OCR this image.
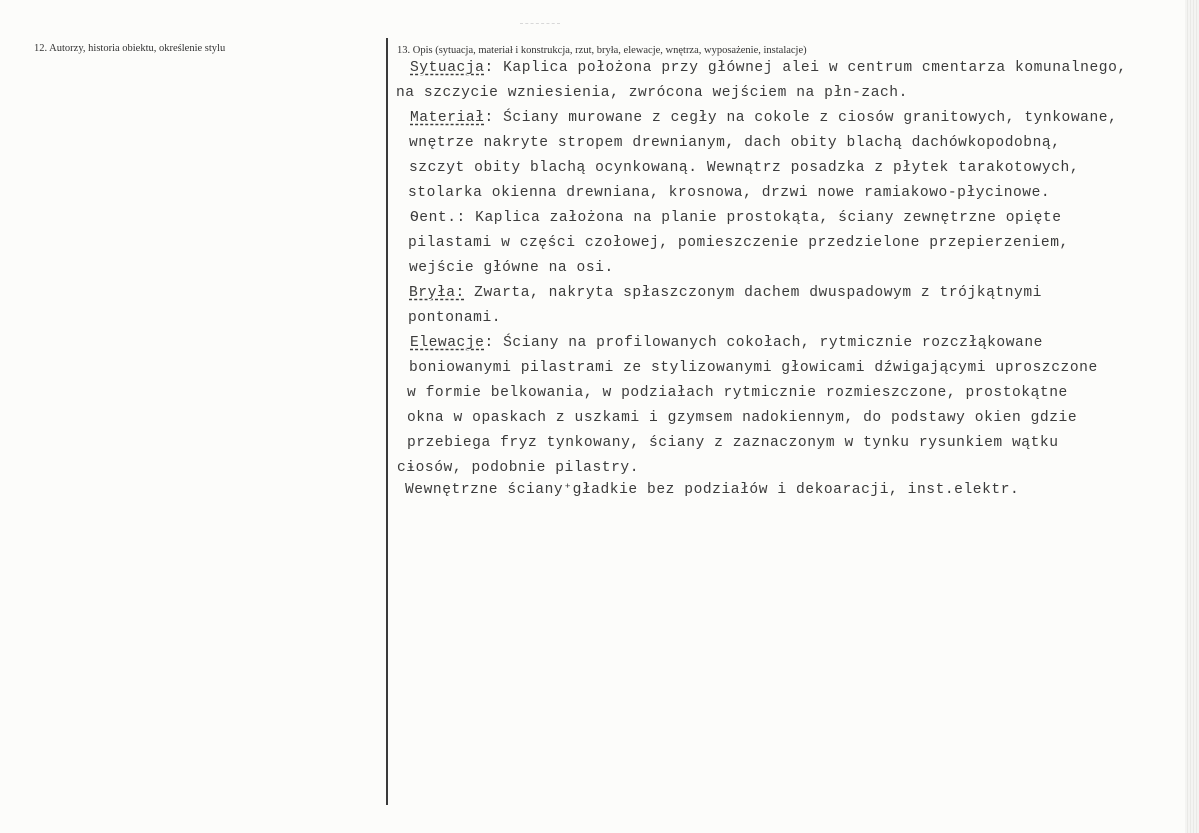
12. Autorzy, historia obiektu, określenie stylu	13. Opis (sytuacja, materiał i konstrukcja, rzut, bryła, elewacje, wnętrza, wyposażenie, instalacje)
Sytuacja: Kaplica położona przy głównej alei w centrum cmentarza komunalnego,
na szczycie wzniesienia, zwrócona wejściem na płn-zach.
Materiał: Ściany murowane z cegły na cokole z ciosów granitowych, tynkowane,
wnętrze nakryte stropem drewnianym, dach obity blachą dachówkopodobną,
szczyt obity blachą ocynkowaną. Wewnątrz posadzka z płytek tarakotowych,
stolarka okienna drewniana, krosnowa, drzwi nowe ramiakowo-płycinowe.
Ѳent.: Kaplica założona na planie prostokąta, ściany zewnętrzne opięte
pilastami w części czołowej, pomieszczenie przedzielone przepierzeniem,
wejście główne na osi.
Bryła: Zwarta, nakryta spłaszczonym dachem dwuspadowym z trójkątnymi
pontonami.
Elewacje: Ściany na profilowanych cokołach, rytmicznie rozczłąkowane
boniowanymi pilastrami ze stylizowanymi głowicami dźwigającymi uproszczone
w formie belkowania, w podziałach rytmicznie rozmieszczone, prostokątne
okna w opaskach z uszkami i gzymsem nadokiennym, do podstawy okien gdzie
przebiega fryz tynkowany, ściany z zaznaczonym w tynku rysunkiem wątku
cɨosów, podobnie pilastry.
Wewnętrzne ściany⁺gładkie bez podziałów i dekoaracji, inst.elektr.
